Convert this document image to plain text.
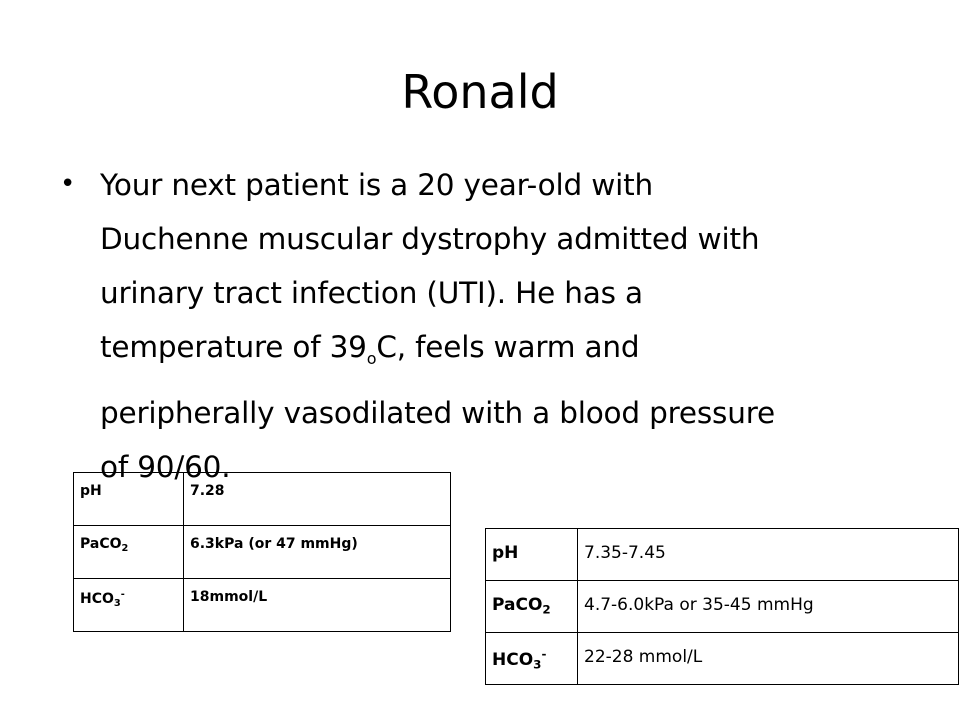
Ronald
• Your next patient is a 20 year-old with
Duchenne muscular dystrophy admitted with
urinary tract infection (UTI). He has a
temperature of $39_oC$, feels warm and
peripherally vasodilated with a blood pressure
of 90/60.
pH	7.28
PaCO$_2$	6.3kPa (or 47 mmHg)
$HCO_3^-$	18mmol/L
pH	7.35-7.45
PaCO$_2$	4.7-6.0kPa or 35-45 mmHg
$HCO_3^-$	22-28 mmol/L
